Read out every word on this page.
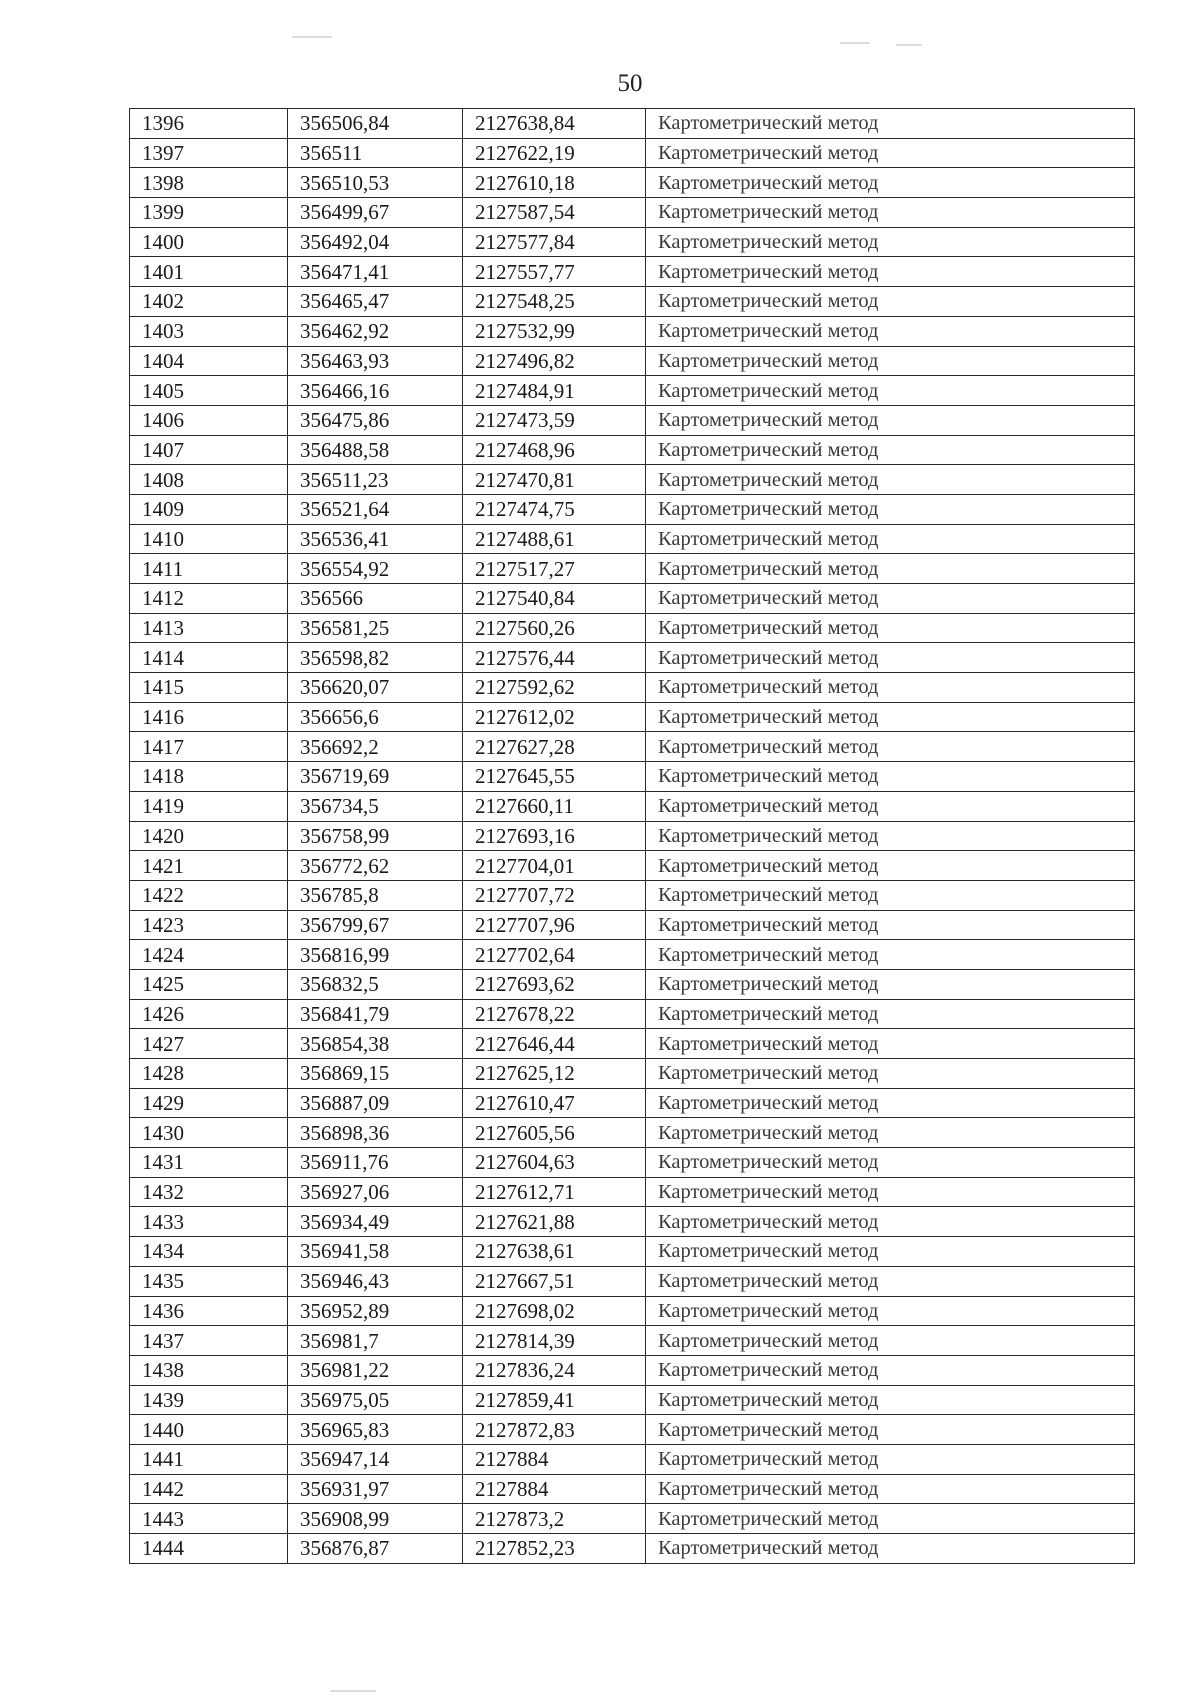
50
1396	356506,84	2127638,84	Картометрический метод
1397	356511	2127622,19	Картометрический метод
1398	356510,53	2127610,18	Картометрический метод
1399	356499,67	2127587,54	Картометрический метод
1400	356492,04	2127577,84	Картометрический метод
1401	356471,41	2127557,77	Картометрический метод
1402	356465,47	2127548,25	Картометрический метод
1403	356462,92	2127532,99	Картометрический метод
1404	356463,93	2127496,82	Картометрический метод
1405	356466,16	2127484,91	Картометрический метод
1406	356475,86	2127473,59	Картометрический метод
1407	356488,58	2127468,96	Картометрический метод
1408	356511,23	2127470,81	Картометрический метод
1409	356521,64	2127474,75	Картометрический метод
1410	356536,41	2127488,61	Картометрический метод
1411	356554,92	2127517,27	Картометрический метод
1412	356566	2127540,84	Картометрический метод
1413	356581,25	2127560,26	Картометрический метод
1414	356598,82	2127576,44	Картометрический метод
1415	356620,07	2127592,62	Картометрический метод
1416	356656,6	2127612,02	Картометрический метод
1417	356692,2	2127627,28	Картометрический метод
1418	356719,69	2127645,55	Картометрический метод
1419	356734,5	2127660,11	Картометрический метод
1420	356758,99	2127693,16	Картометрический метод
1421	356772,62	2127704,01	Картометрический метод
1422	356785,8	2127707,72	Картометрический метод
1423	356799,67	2127707,96	Картометрический метод
1424	356816,99	2127702,64	Картометрический метод
1425	356832,5	2127693,62	Картометрический метод
1426	356841,79	2127678,22	Картометрический метод
1427	356854,38	2127646,44	Картометрический метод
1428	356869,15	2127625,12	Картометрический метод
1429	356887,09	2127610,47	Картометрический метод
1430	356898,36	2127605,56	Картометрический метод
1431	356911,76	2127604,63	Картометрический метод
1432	356927,06	2127612,71	Картометрический метод
1433	356934,49	2127621,88	Картометрический метод
1434	356941,58	2127638,61	Картометрический метод
1435	356946,43	2127667,51	Картометрический метод
1436	356952,89	2127698,02	Картометрический метод
1437	356981,7	2127814,39	Картометрический метод
1438	356981,22	2127836,24	Картометрический метод
1439	356975,05	2127859,41	Картометрический метод
1440	356965,83	2127872,83	Картометрический метод
1441	356947,14	2127884	Картометрический метод
1442	356931,97	2127884	Картометрический метод
1443	356908,99	2127873,2	Картометрический метод
1444	356876,87	2127852,23	Картометрический метод
